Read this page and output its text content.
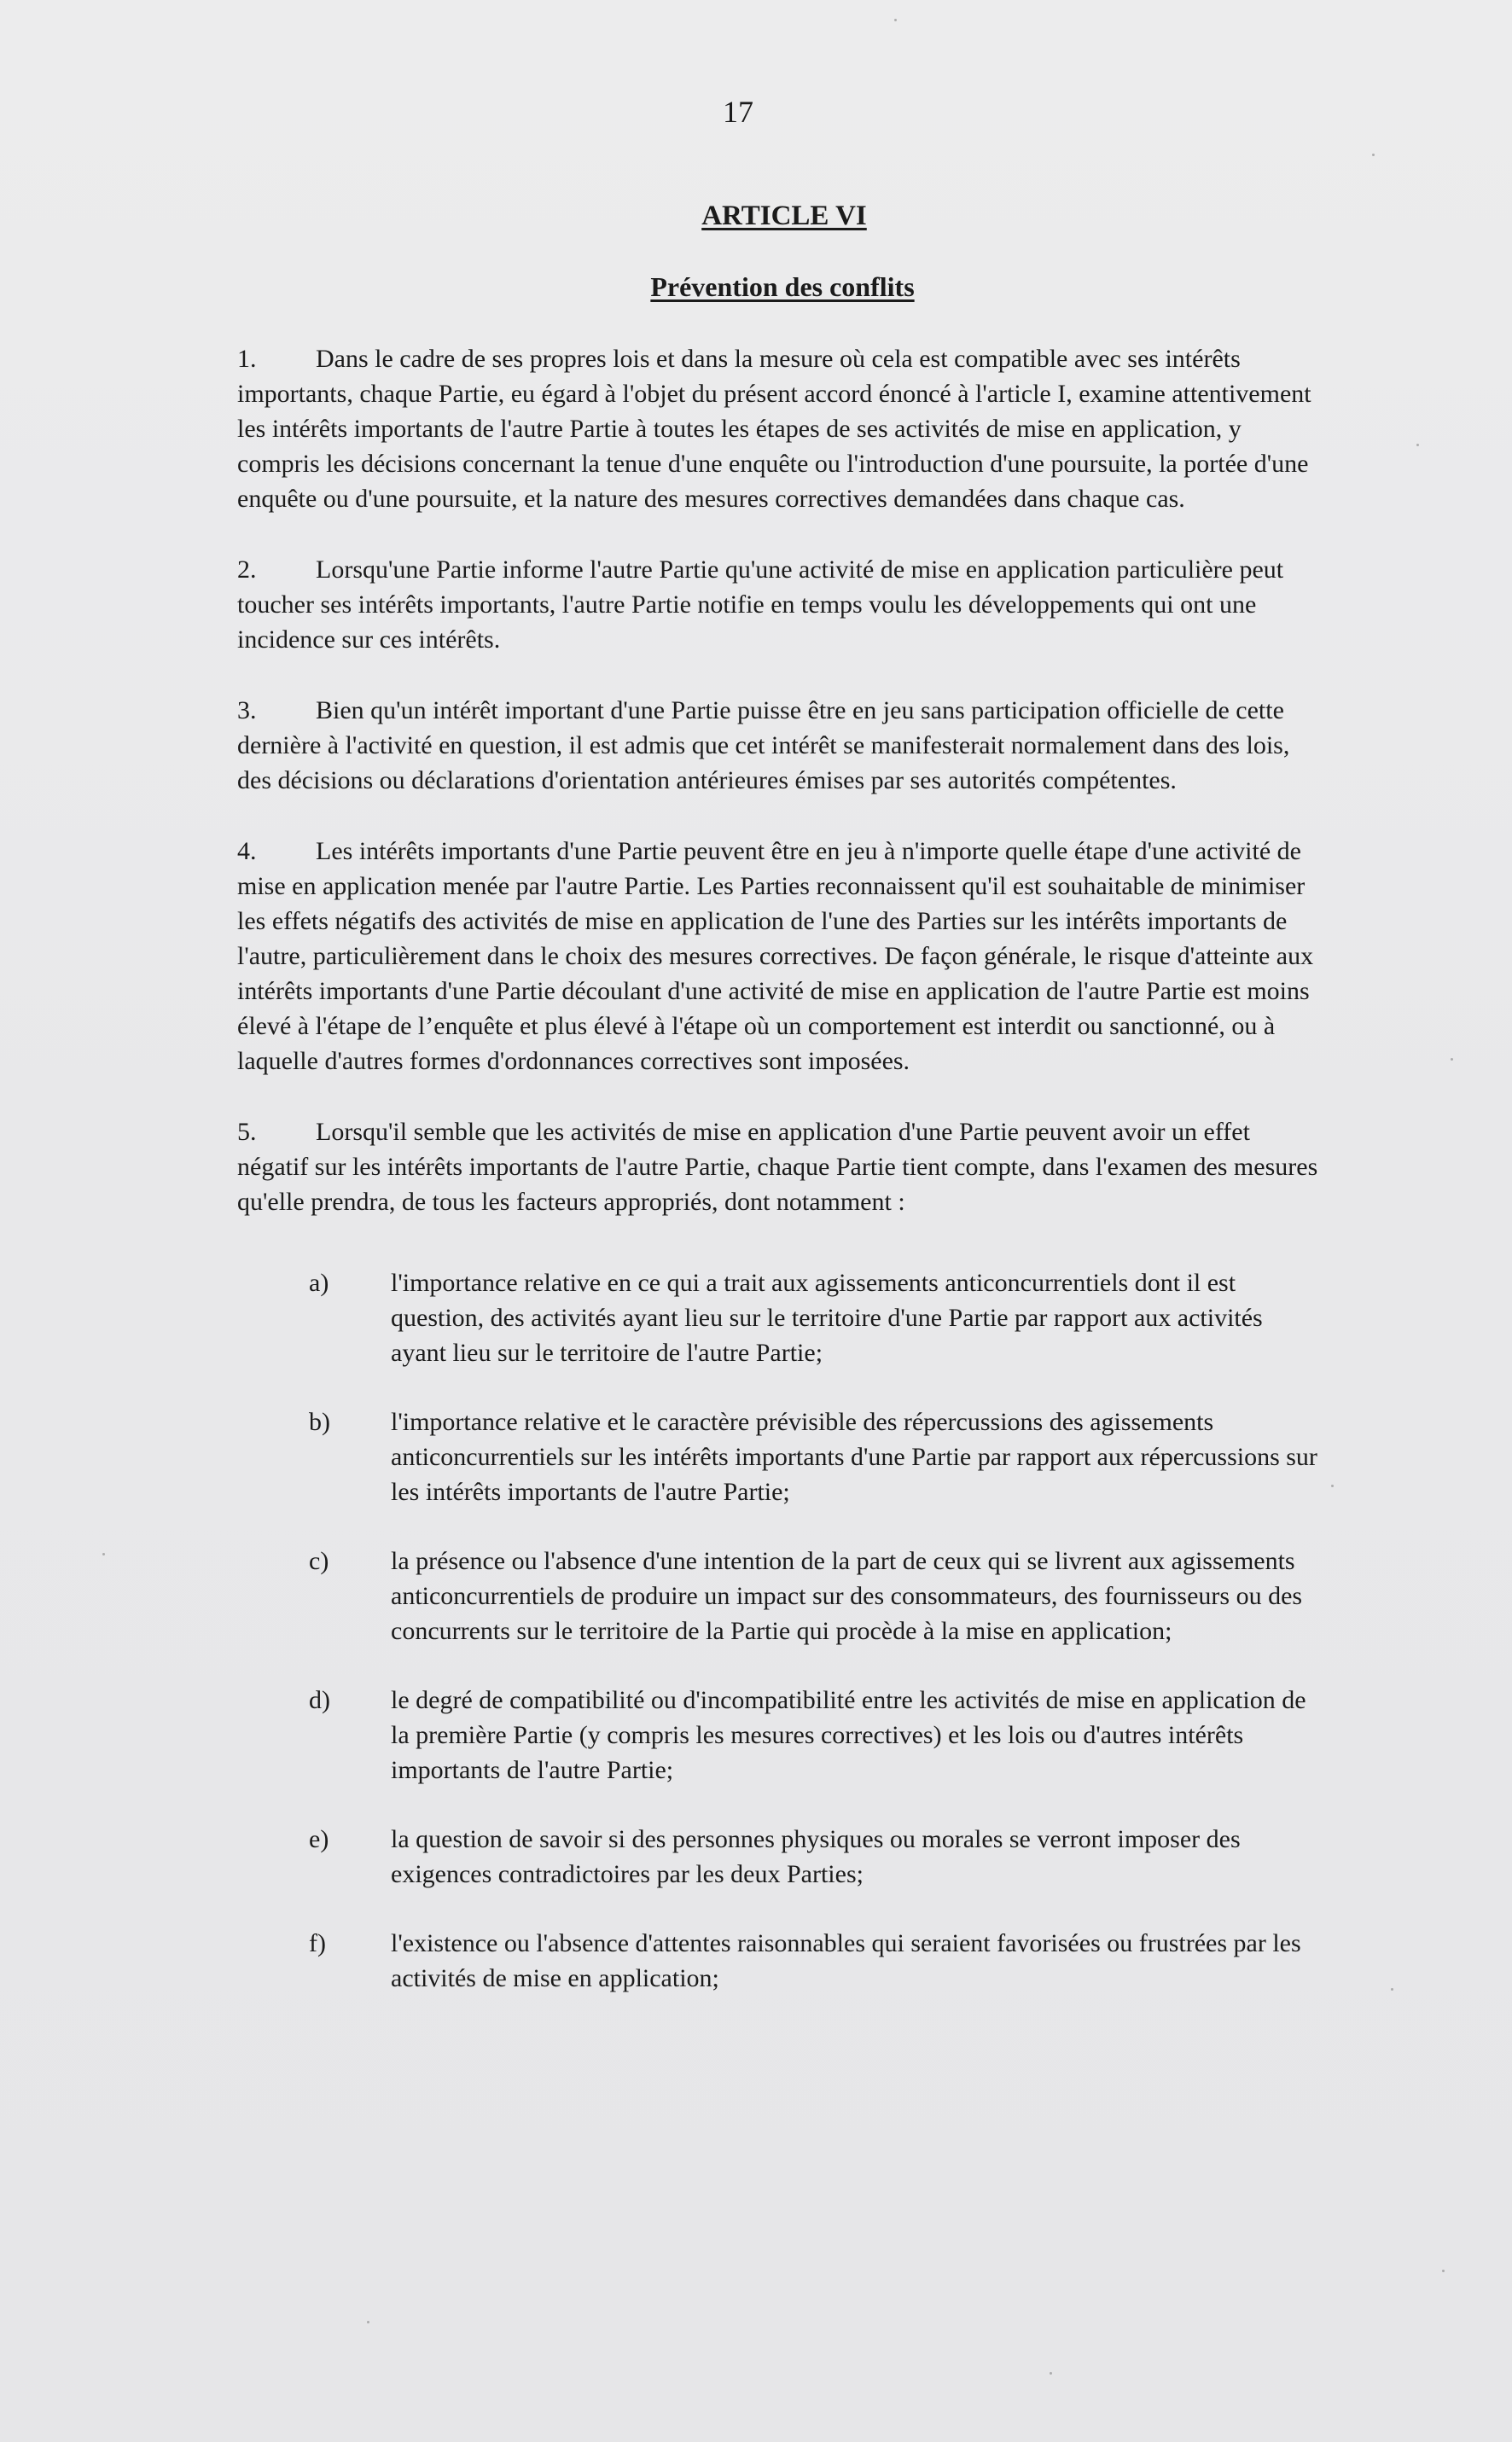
17
ARTICLE VI
Prévention des conflits

1. Dans le cadre de ses propres lois et dans la mesure où cela est compatible avec ses intérêts importants, chaque Partie, eu égard à l'objet du présent accord énoncé à l'article I, examine attentivement les intérêts importants de l'autre Partie à toutes les étapes de ses activités de mise en application, y compris les décisions concernant la tenue d'une enquête ou l'introduction d'une poursuite, la portée d'une enquête ou d'une poursuite, et la nature des mesures correctives demandées dans chaque cas.

2. Lorsqu'une Partie informe l'autre Partie qu'une activité de mise en application particulière peut toucher ses intérêts importants, l'autre Partie notifie en temps voulu les développements qui ont une incidence sur ces intérêts.

3. Bien qu'un intérêt important d'une Partie puisse être en jeu sans participation officielle de cette dernière à l'activité en question, il est admis que cet intérêt se manifesterait normalement dans des lois, des décisions ou déclarations d'orientation antérieures émises par ses autorités compétentes.

4. Les intérêts importants d'une Partie peuvent être en jeu à n'importe quelle étape d'une activité de mise en application menée par l'autre Partie. Les Parties reconnaissent qu'il est souhaitable de minimiser les effets négatifs des activités de mise en application de l'une des Parties sur les intérêts importants de l'autre, particulièrement dans le choix des mesures correctives. De façon générale, le risque d'atteinte aux intérêts importants d'une Partie découlant d'une activité de mise en application de l'autre Partie est moins élevé à l'étape de l’enquête et plus élevé à l'étape où un comportement est interdit ou sanctionné, ou à laquelle d'autres formes d'ordonnances correctives sont imposées.

5. Lorsqu'il semble que les activités de mise en application d'une Partie peuvent avoir un effet négatif sur les intérêts importants de l'autre Partie, chaque Partie tient compte, dans l'examen des mesures qu'elle prendra, de tous les facteurs appropriés, dont notamment :

a)	l'importance relative en ce qui a trait aux agissements anticoncurrentiels dont il est question, des activités ayant lieu sur le territoire d'une Partie par rapport aux activités ayant lieu sur le territoire de l'autre Partie;
b)	l'importance relative et le caractère prévisible des répercussions des agissements anticoncurrentiels sur les intérêts importants d'une Partie par rapport aux répercussions sur les intérêts importants de l'autre Partie;
c)	la présence ou l'absence d'une intention de la part de ceux qui se livrent aux agissements anticoncurrentiels de produire un impact sur des consommateurs, des fournisseurs ou des concurrents sur le territoire de la Partie qui procède à la mise en application;
d)	le degré de compatibilité ou d'incompatibilité entre les activités de mise en application de la première Partie (y compris les mesures correctives) et les lois ou d'autres intérêts importants de l'autre Partie;
e)	la question de savoir si des personnes physiques ou morales se verront imposer des exigences contradictoires par les deux Parties;
f)	l'existence ou l'absence d'attentes raisonnables qui seraient favorisées ou frustrées par les activités de mise en application;
